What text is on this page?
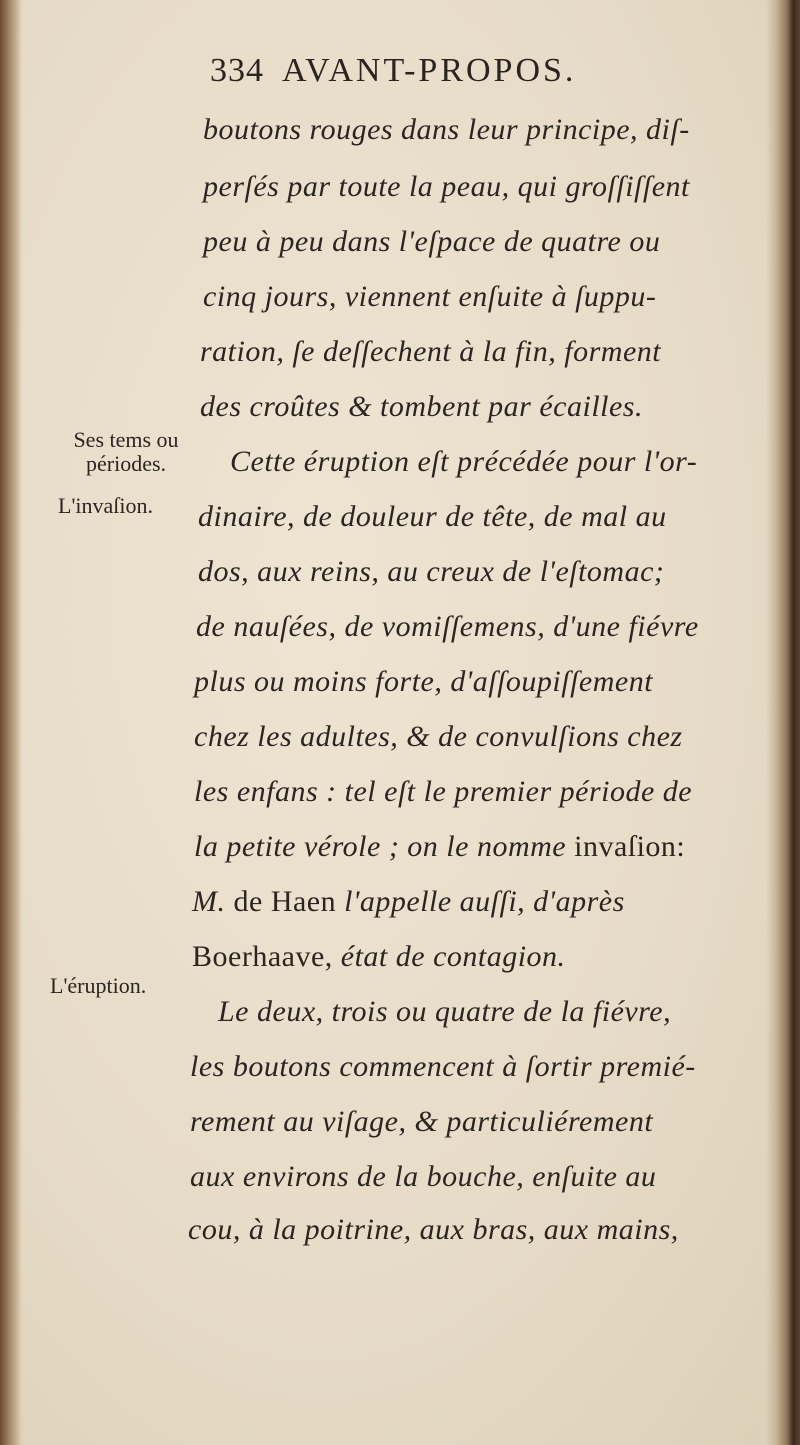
334 AVANT-PROPOS.
Ses tems ou
périodes.
L'invaſion.
L'éruption.
boutons rouges dans leur principe, diſ-
perſés par toute la peau, qui groſſiſſent
peu à peu dans l'eſpace de quatre ou
cinq jours, viennent enſuite à ſuppu-
ration, ſe deſſechent à la fin, forment
des croûtes & tombent par écailles.
Cette éruption eſt précédée pour l'or-
dinaire, de douleur de tête, de mal au
dos, aux reins, au creux de l'eſtomac;
de nauſées, de vomiſſemens, d'une fiévre
plus ou moins forte, d'aſſoupiſſement
chez les adultes, & de convulſions chez
les enfans : tel eſt le premier période de
la petite vérole ; on le nomme invaſion:
M. de Haen l'appelle auſſi, d'après
Boerhaave, état de contagion.
Le deux, trois ou quatre de la fiévre,
les boutons commencent à ſortir premié-
rement au viſage, & particuliérement
aux environs de la bouche, enſuite au
cou, à la poitrine, aux bras, aux mains,
